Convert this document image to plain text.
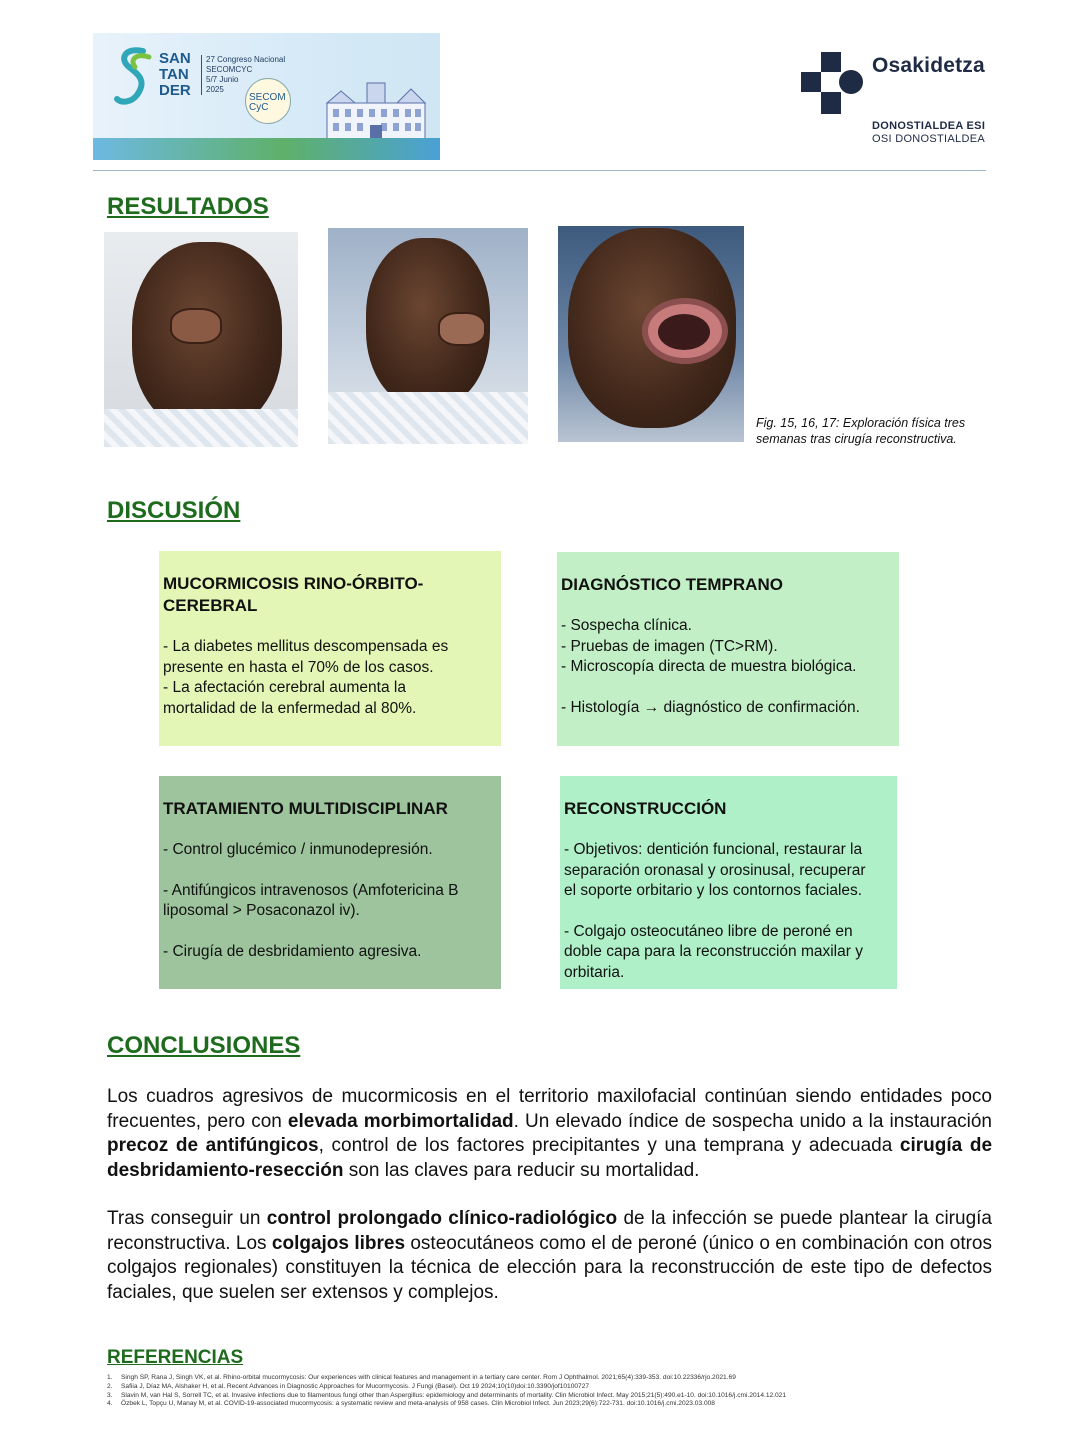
SAN
TAN
DER
27 Congreso Nacional
SECOMCYC
5/7 Junio
2025
SECOM
CyC
Osakidetza
DONOSTIALDEA ESI
OSI DONOSTIALDEA
RESULTADOS
Fig. 15, 16, 17: Exploración física tres
semanas tras cirugía reconstructiva.
DISCUSIÓN
MUCORMICOSIS RINO-ÓRBITO-
CEREBRAL
- La diabetes mellitus descompensada es
presente en hasta el 70% de los casos.
- La afectación cerebral aumenta la
mortalidad de la enfermedad al 80%.
DIAGNÓSTICO TEMPRANO
- Sospecha clínica.
- Pruebas de imagen (TC>RM).
- Microscopía directa de muestra biológica.
- Histología → diagnóstico de confirmación.
TRATAMIENTO MULTIDISCIPLINAR
- Control glucémico / inmunodepresión.
- Antifúngicos intravenosos (Amfotericina B
liposomal > Posaconazol iv).
- Cirugía de desbridamiento agresiva.
RECONSTRUCCIÓN
- Objetivos: dentición funcional, restaurar la
separación oronasal y orosinusal, recuperar
el soporte orbitario y los contornos faciales.
- Colgajo osteocutáneo libre de peroné en
doble capa para la reconstrucción maxilar y
orbitaria.
CONCLUSIONES

Los cuadros agresivos de mucormicosis en el territorio maxilofacial continúan siendo entidades poco frecuentes, pero con elevada morbimortalidad. Un elevado índice de sospecha unido a la instauración precoz de antifúngicos, control de los factores precipitantes y una temprana y adecuada cirugía de desbridamiento-resección son las claves para reducir su mortalidad.

Tras conseguir un control prolongado clínico-radiológico de la infección se puede plantear la cirugía reconstructiva. Los colgajos libres osteocutáneos como el de peroné (único o en combinación con otros colgajos regionales) constituyen la técnica de elección para la reconstrucción de este tipo de defectos faciales, que suelen ser extensos y complejos.

REFERENCIAS
1.	Singh SP, Rana J, Singh VK, et al. Rhino-orbital mucormycosis: Our experiences with clinical features and management in a tertiary care center. Rom J Ophthalmol. 2021;65(4):339-353. doi:10.22336/rjo.2021.69
2.	Safiia J, Díaz MA, Alshaker H, et al. Recent Advances in Diagnostic Approaches for Mucormycosis. J Fungi (Basel). Oct 19 2024;10(10)doi:10.3390/jof10100727
3.	Slavin M, van Hal S, Sorrell TC, et al. Invasive infections due to filamentous fungi other than Aspergillus: epidemiology and determinants of mortality. Clin Microbiol Infect. May 2015;21(5):490.e1-10. doi:10.1016/j.cmi.2014.12.021
4.	Özbek L, Topçu U, Manay M, et al. COVID-19-associated mucormycosis: a systematic review and meta-analysis of 958 cases. Clin Microbiol Infect. Jun 2023;29(6):722-731. doi:10.1016/j.cmi.2023.03.008
